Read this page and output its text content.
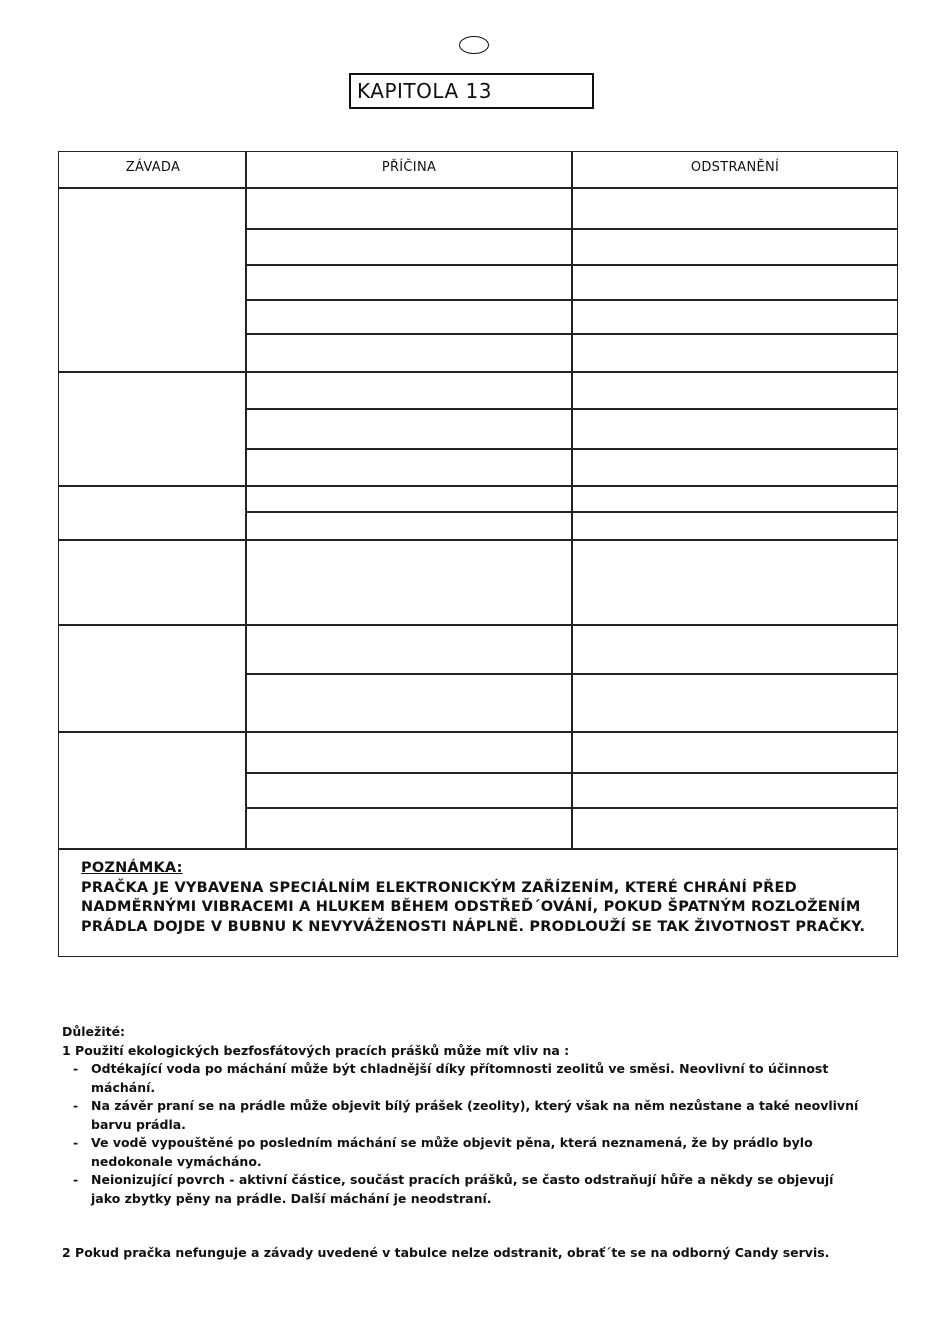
KAPITOLA 13
ZÁVADA	PŘÍČINA	ODSTRANĚNÍ

POZNÁMKA:

PRAČKA JE VYBAVENA SPECIÁLNÍM ELEKTRONICKÝM ZAŘÍZENÍM, KTERÉ CHRÁNÍ PŘED

NADMĚRNÝMI VIBRACEMI A HLUKEM BĚHEM ODSTŘEĎ´OVÁNÍ, POKUD ŠPATNÝM ROZLOŽENÍM

PRÁDLA DOJDE V BUBNU K NEVYVÁŽENOSTI NÁPLNĚ. PRODLOUŽÍ SE TAK ŽIVOTNOST PRAČKY.

Důležité:

1 Použití ekologických bezfosfátových pracích prášků může mít vliv na :

- Odtékající voda po máchání může být chladnější díky přítomnosti zeolitů ve směsi. Neovlivní to účinnost

máchání.

- Na závěr praní se na prádle může objevit bílý prášek (zeolity), který však na něm nezůstane a také neovlivní

barvu prádla.

- Ve vodě vypouštěné po posledním máchání se může objevit pěna, která neznamená, že by prádlo bylo

nedokonale vymácháno.

- Neionizující povrch - aktivní částice, součást pracích prášků, se často odstraňují hůře a někdy se objevují

jako zbytky pěny na prádle. Další máchání je neodstraní.

2 Pokud pračka nefunguje a závady uvedené v tabulce nelze odstranit, obrať´te se na odborný Candy servis.
